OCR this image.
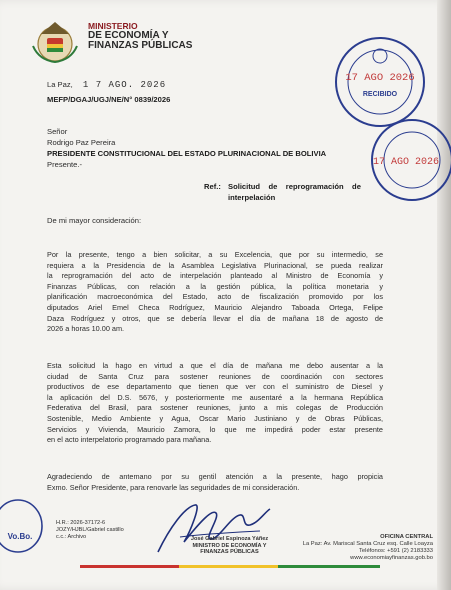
MINISTERIO
DE ECONOMÍA Y
FINANZAS PÚBLICAS
La Paz, 1 7 AGO. 2026
MEFP/DGAJ/UGJ/NE/N° 0839/2026
Señor
Rodrigo Paz Pereira
PRESIDENTE CONSTITUCIONAL DEL ESTADO PLURINACIONAL DE BOLIVIA
Presente.-
Ref.: Solicitud    de    reprogramación    de
interpelación
De mi mayor consideración:
Por la presente, tengo a bien solicitar, a su Excelencia, que por su intermedio, se
requiera a la Presidencia de la Asamblea Legislativa Plurinacional, se pueda realizar
la reprogramación del acto de interpelación planteado al Ministro de Economía y
Finanzas Públicas, con relación a la gestión pública, la política monetaria y
planificación macroeconómica del Estado, acto de fiscalización promovido por los
diputados Ariel Emel Checa Rodríguez, Mauricio Alejandro Taboada Ortega, Felipe
Daza Rodríguez y otros, que se debería llevar el día de mañana 18 de agosto de
2026 a horas 10.00 am.
Esta solicitud la hago en virtud a que el día de mañana me debo ausentar a la
ciudad de Santa Cruz para sostener reuniones de coordinación con sectores
productivos de ese departamento que tienen que ver con el suministro de Diesel y
la aplicación del D.S. 5676, y posteriormente me ausentaré a la hermana República
Federativa del Brasil, para sostener reuniones, junto a mis colegas de Producción
Sostenible, Medio Ambiente y Agua, Oscar Mario Justiniano y de Obras Públicas,
Servicios y Vivienda, Mauricio Zamora, lo que me impedirá poder estar presente
en el acto interpelatorio programado para mañana.
Agradeciendo de antemano por su gentil atención a la presente, hago propicia
Exmo. Señor Presidente, para renovarle las seguridades de mi consideración.
17 AGO 2026
RECIBIDO
17 AGO 2026
Vo.Bo.
H.R.: 2026-37172-6
JOZY/HJBL/Gabriel castillo
c.c.: Archivo	José Gabriel Espinoza Yáñez
MINISTRO DE ECONOMÍA Y
FINANZAS PÚBLICAS
OFICINA CENTRAL
La Paz: Av. Mariscal Santa Cruz esq. Calle Loayza
Teléfonos: +591 (2) 2183333
www.economiayfinanzas.gob.bo
